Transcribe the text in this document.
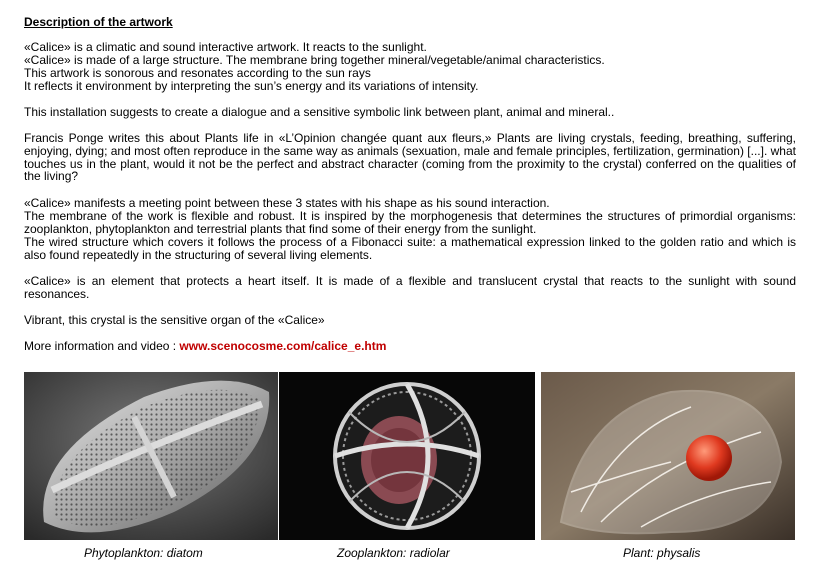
Description of the artwork

«Calice» is a climatic and sound interactive artwork. It reacts to the sunlight.

«Calice» is made of a large structure. The membrane bring together mineral/vegetable/animal characteristics.

This artwork is sonorous and resonates according to the sun rays

It reflects it environment by interpreting the sun’s energy and its variations of intensity.

This installation suggests to create a dialogue and a sensitive symbolic link between plant, animal and mineral..

Francis Ponge writes this about Plants life in «L’Opinion changée quant aux fleurs,» Plants are living crystals, feeding, breathing, suffering, enjoying, dying; and most often reproduce in the same way as animals (sexuation, male and female principles, fertilization, germination) [...]. what touches us in the plant, would it not be the perfect and abstract character (coming from the proximity to the crystal) conferred on the qualities of the living?

«Calice» manifests a meeting point between these 3 states with his shape as his sound interaction.

The membrane of the work is flexible and robust. It is inspired by the morphogenesis that determines the structures of primordial organisms: zooplankton, phytoplankton and terrestrial plants that find some of their energy from the sunlight.

The wired structure which covers it follows the process of a Fibonacci suite: a mathematical expression linked to the golden ratio and which is also found repeatedly in the structuring of several living elements.

«Calice» is an element that protects a heart itself. It is made of a flexible and translucent crystal that reacts to the sunlight with sound resonances.

Vibrant, this crystal is the sensitive organ of the «Calice»

More information and video : www.scenocosme.com/calice_e.htm

Phytoplankton: diatom	Zooplankton: radiolar	Plant: physalis
